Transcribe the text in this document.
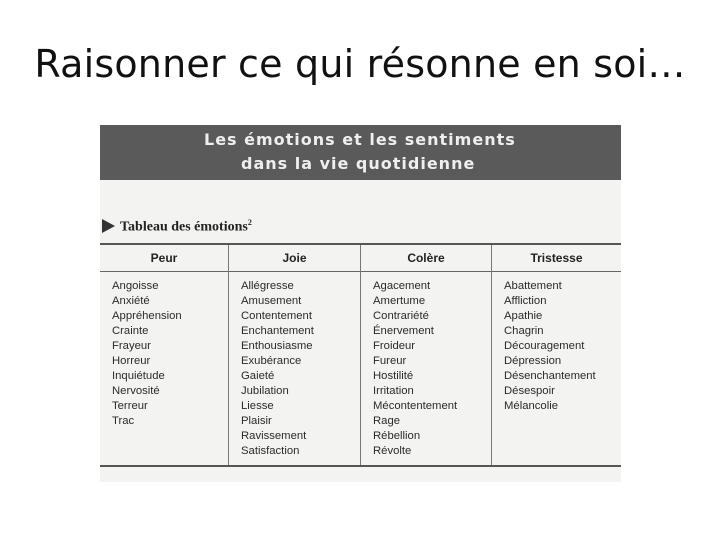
Raisonner ce qui résonne en soi…
Les émotions et les sentiments
dans la vie quotidienne
Tableau des émotions$^2$
Peur
Angoisse
Anxiété
Appréhension
Crainte
Frayeur
Horreur
Inquiétude
Nervosité
Terreur
Trac
Joie
Allégresse
Amusement
Contentement
Enchantement
Enthousiasme
Exubérance
Gaieté
Jubilation
Liesse
Plaisir
Ravissement
Satisfaction
Colère
Agacement
Amertume
Contrariété
Énervement
Froideur
Fureur
Hostilité
Irritation
Mécontentement
Rage
Rébellion
Révolte
Tristesse
Abattement
Affliction
Apathie
Chagrin
Découragement
Dépression
Désenchantement
Désespoir
Mélancolie
